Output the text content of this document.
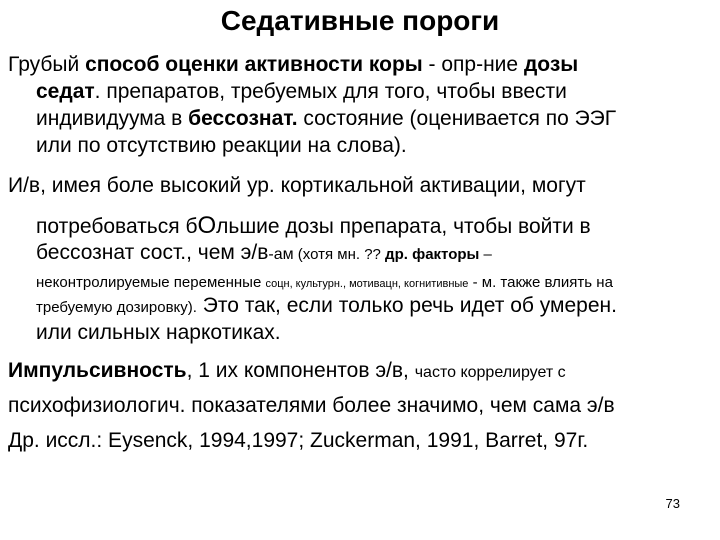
Седативные пороги
Грубый способ оценки активности коры - опр-ние дозы
седат. препаратов, требуемых для того, чтобы ввести
индивидуума в бессознат. состояние (оценивается по ЭЭГ
или по отсутствию реакции на слова).
И/в, имея боле высокий ур. кортикальной активации, могут
потребоваться бОльшие дозы препарата, чтобы войти в
бессознат сост., чем э/в-ам (хотя мн. ?? др. факторы –
неконтролируемые переменные соцн, культурн., мотивацн, когнитивные - м. также влиять на
требуемую дозировку). Это так, если только речь идет об умерен.
или сильных наркотиках.
Импульсивность, 1 их компонентов э/в, часто коррелирует с
психофизиологич. показателями более значимо, чем сама э/в
Др. иссл.: Eysenck, 1994,1997; Zuckerman, 1991, Barret, 97г.
73
